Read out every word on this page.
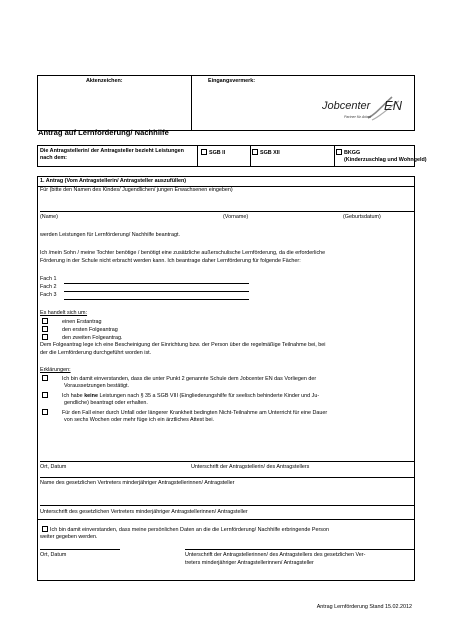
Aktenzeichen:	Eingangsvermerk:
Jobcenter EN
Partner für Arbeit
Antrag auf Lernförderung/ Nachhilfe
Die Antragstellerin/ der Antragsteller bezieht Leistungen nach dem:
SGB II	SGB XII	BKGG
(Kinderzuschlag und Wohngeld)
1. Antrag (Vom Antragstellerin/ Antragsteller auszufüllen)
Für (bitte den Namen des Kindes/ Jugendlichen/ jungen Erwachsenen eingeben)
(Name)	(Vorname)	(Geburtsdatum)
werden Leistungen für Lernförderung/ Nachhilfe beantragt.
Ich /mein Sohn / meine Tochter benötige / benötigt eine zusätzliche außerschulische Lernförderung, da die erforderliche
Förderung in der Schule nicht erbracht werden kann. Ich beantrage daher Lernförderung für folgende Fächer:
Fach 1
Fach 2
Fach 3
Es handelt sich um:
einen Erstantrag
den ersten Folgeantrag
den zweiten Folgeantrag.
Dem Folgeantrag lege ich eine Bescheinigung der Einrichtung bzw. der Person über die regelmäßige Teilnahme bei, bei
der die Lernförderung durchgeführt worden ist.
Erklärungen:
Ich bin damit einverstanden, dass die unter Punkt 2 genannte Schule dem Jobcenter EN das Vorliegen der
Voraussetzungen bestätigt.
Ich habe keine Leistungen nach § 35 a SGB VIII (Eingliederungshilfe für seelisch behinderte Kinder und Ju-
gendliche) beantragt oder erhalten.
Für den Fall einer durch Unfall oder längerer Krankheit bedingten Nicht-Teilnahme am Unterricht für eine Dauer
von sechs Wochen oder mehr füge ich ein ärztliches Attest bei.
Ort, Datum	Unterschrift der Antragstellerin/ des Antragstellers
Name des gesetzlichen Vertreters minderjähriger Antragstellerinnen/ Antragsteller
Unterschrift des gesetzlichen Vertreters minderjähriger Antragstellerinnen/ Antragsteller
Ich bin damit einverstanden, dass meine persönlichen Daten an die die Lernförderung/ Nachhilfe erbringende Person
weiter gegeben werden.
Ort, Datum	Unterschrift der Antragstellerinnen/ des Antragstellers des gesetzlichen Ver-
treters minderjähriger Antragstellerinnen/ Antragsteller
Antrag Lernförderung Stand 15.02.2012
